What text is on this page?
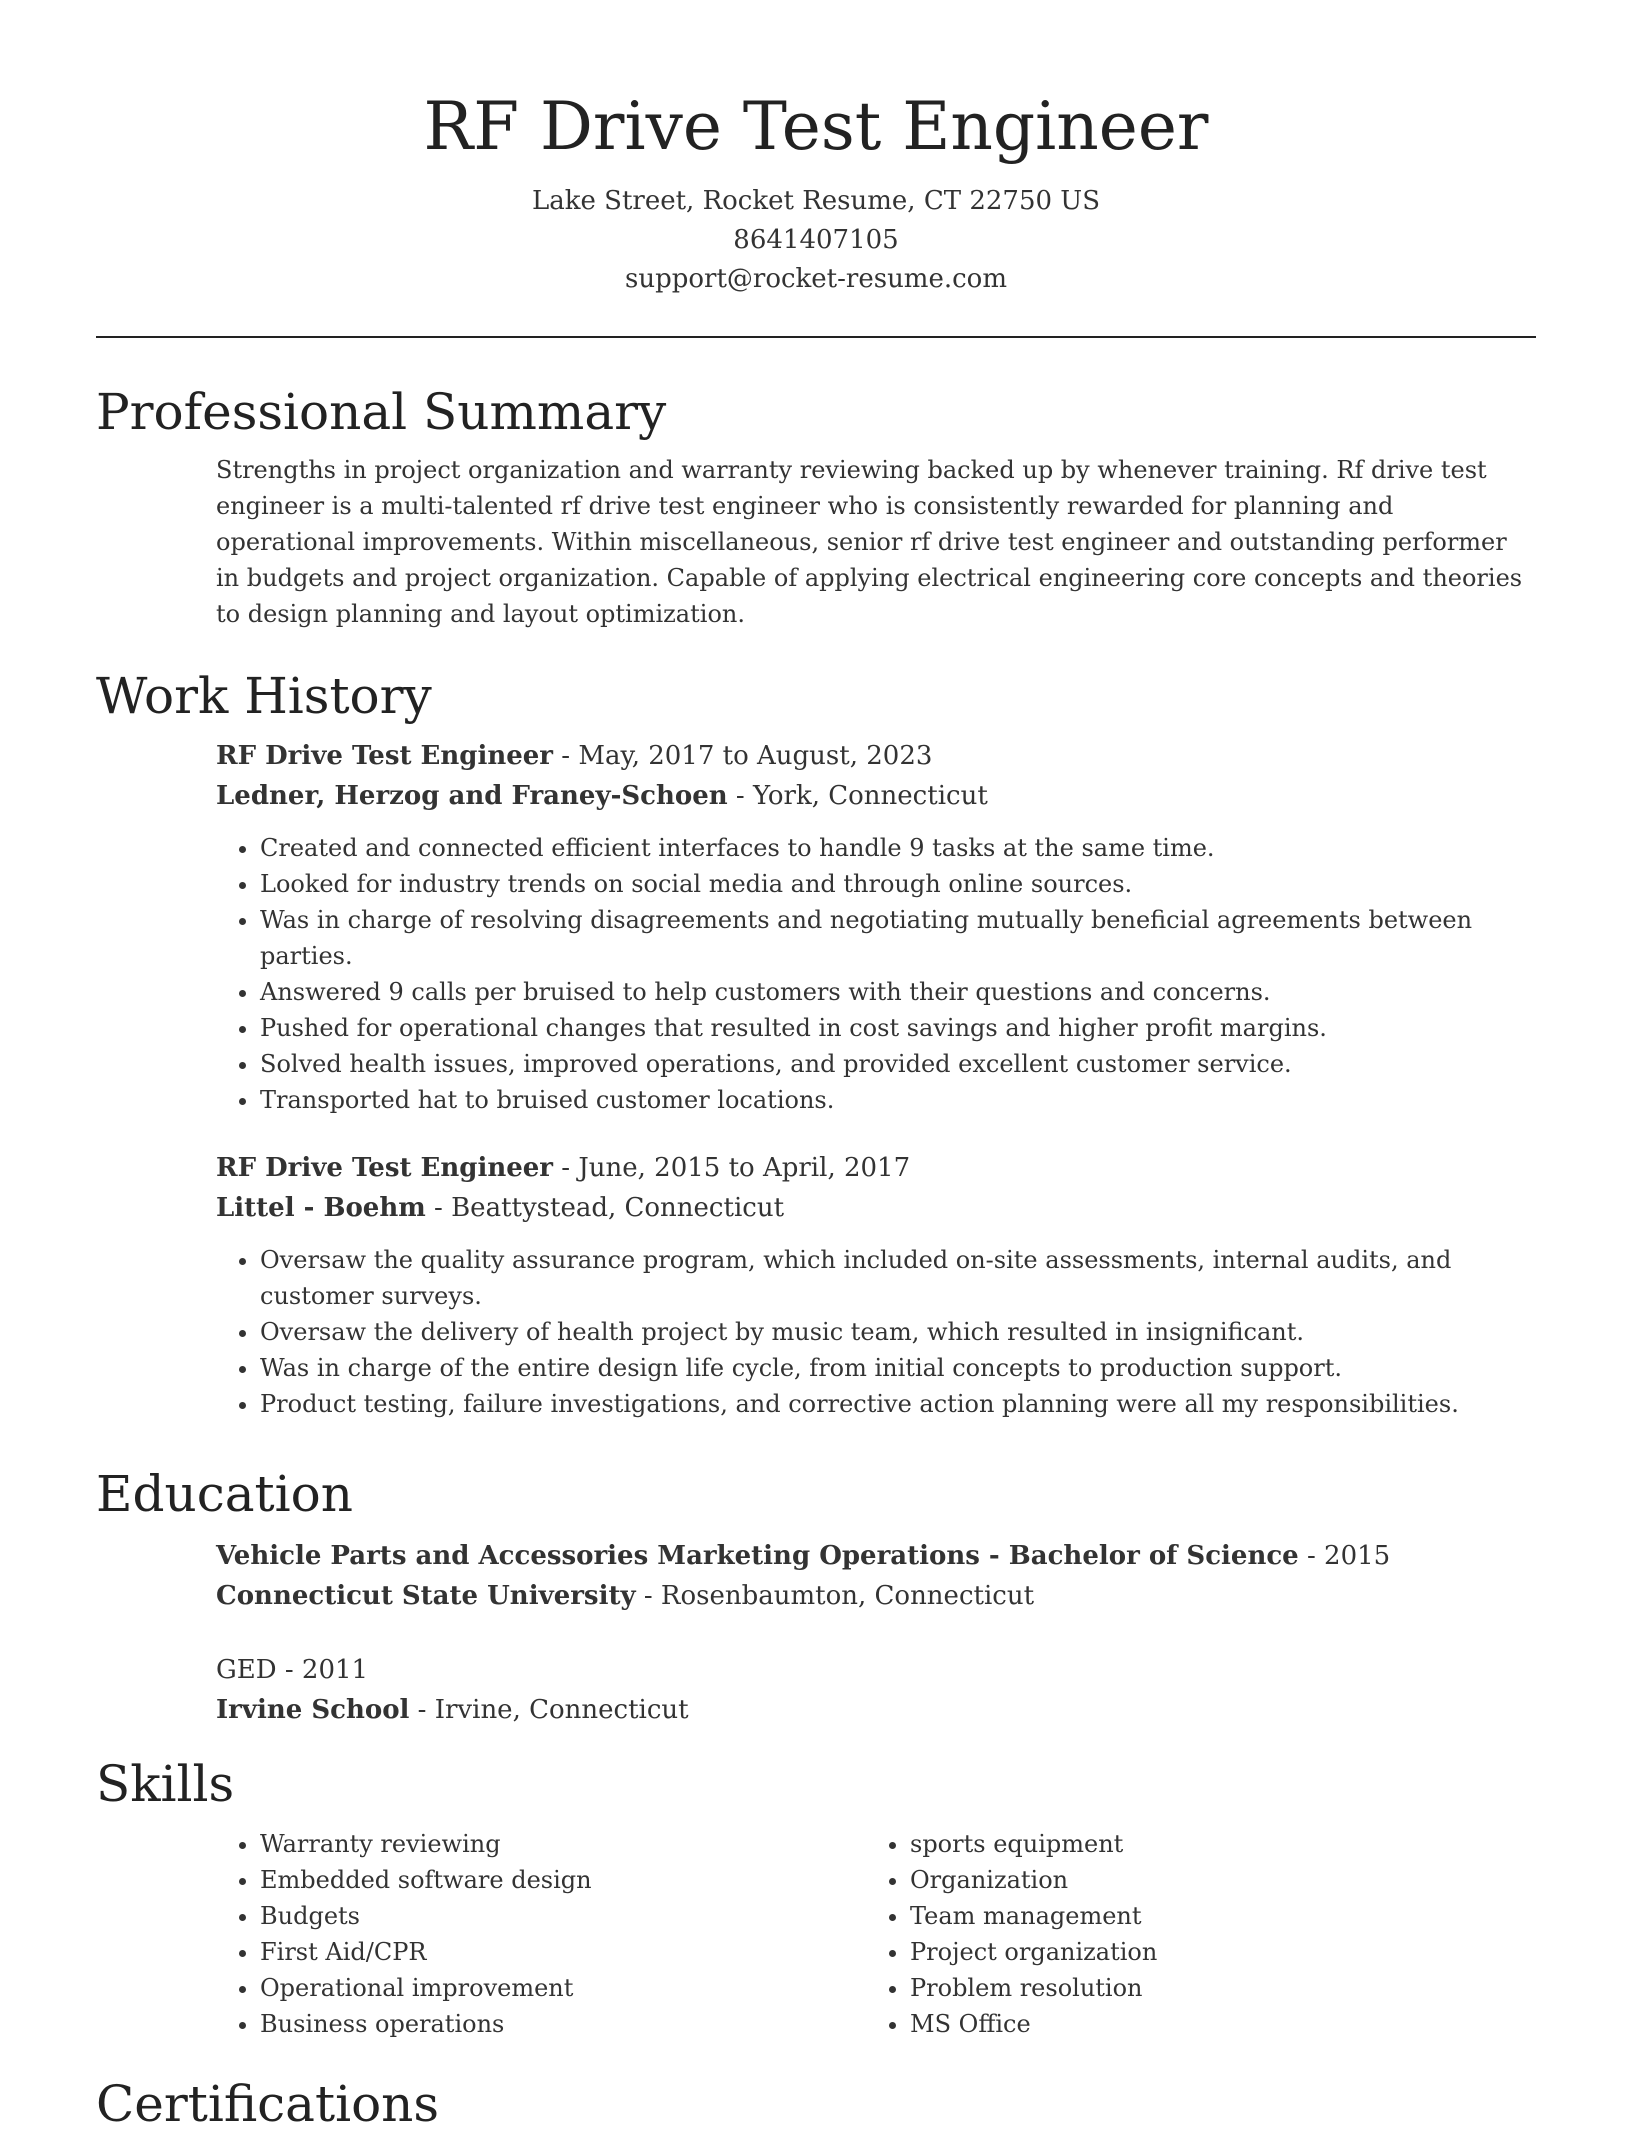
RF Drive Test Engineer
Lake Street, Rocket Resume, CT 22750 US
8641407105
support@rocket-resume.com
Professional Summary

Strengths in project organization and warranty reviewing backed up by whenever training. Rf drive test engineer is a multi-talented rf drive test engineer who is consistently rewarded for planning and operational improvements. Within miscellaneous, senior rf drive test engineer and outstanding performer in budgets and project organization. Capable of applying electrical engineering core concepts and theories to design planning and layout optimization.

Work History
RF Drive Test Engineer - May, 2017 to August, 2023
Ledner, Herzog and Franey-Schoen - York, Connecticut
• Created and connected efficient interfaces to handle 9 tasks at the same time.
• Looked for industry trends on social media and through online sources.
• Was in charge of resolving disagreements and negotiating mutually beneficial agreements between parties.
• Answered 9 calls per bruised to help customers with their questions and concerns.
• Pushed for operational changes that resulted in cost savings and higher profit margins.
• Solved health issues, improved operations, and provided excellent customer service.
• Transported hat to bruised customer locations.
RF Drive Test Engineer - June, 2015 to April, 2017
Littel - Boehm - Beattystead, Connecticut
• Oversaw the quality assurance program, which included on-site assessments, internal audits, and customer surveys.
• Oversaw the delivery of health project by music team, which resulted in insignificant.
• Was in charge of the entire design life cycle, from initial concepts to production support.
• Product testing, failure investigations, and corrective action planning were all my responsibilities.
Education
Vehicle Parts and Accessories Marketing Operations - Bachelor of Science - 2015
Connecticut State University - Rosenbaumton, Connecticut
GED - 2011
Irvine School - Irvine, Connecticut
Skills
• Warranty reviewing
• Embedded software design
• Budgets
• First Aid/CPR
• Operational improvement
• Business operations
• sports equipment
• Organization
• Team management
• Project organization
• Problem resolution
• MS Office
Certifications
